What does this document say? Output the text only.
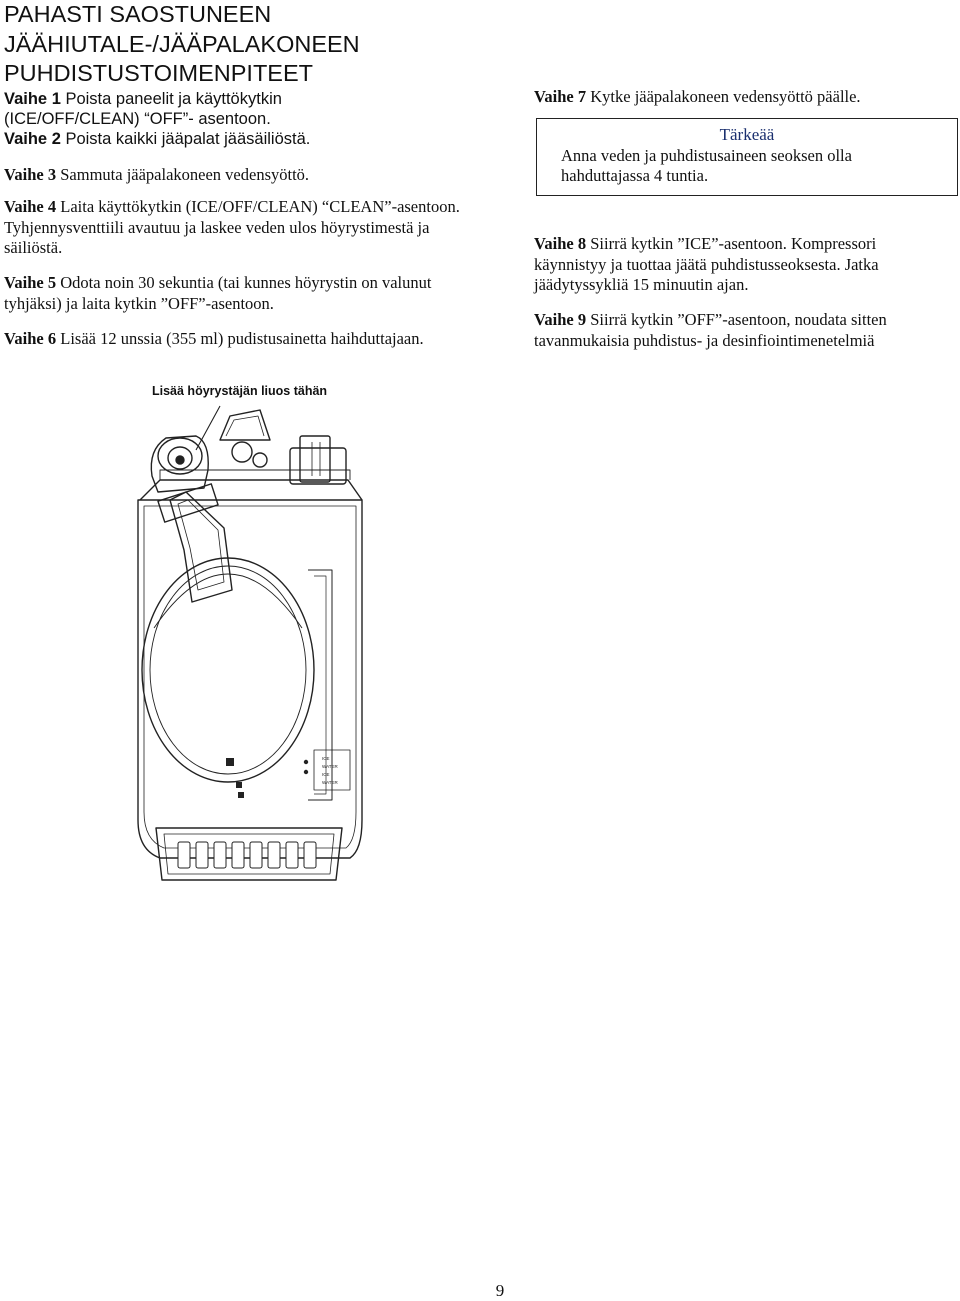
PAHASTI SAOSTUNEEN
JÄÄHIUTALE-/JÄÄPALAKONEEN
PUHDISTUSTOIMENPITEET
Vaihe 1 Poista paneelit ja käyttökytkin
(ICE/OFF/CLEAN) “OFF”- asentoon.
Vaihe 2 Poista kaikki jääpalat jääsäiliöstä.

Vaihe 3 Sammuta jääpalakoneen vedensyöttö.

Vaihe 4 Laita käyttökytkin (ICE/OFF/CLEAN) “CLEAN”-asentoon. Tyhjennysventtiili avautuu ja laskee veden ulos höyrystimestä ja säiliöstä.

Vaihe 5 Odota noin 30 sekuntia (tai kunnes höyrystin on valunut tyhjäksi) ja laita kytkin ”OFF”-asentoon.

Vaihe 6 Lisää 12 unssia (355 ml) pudistusainetta haihduttajaan.

Vaihe 7 Kytke jääpalakoneen vedensyöttö päälle.

Tärkeää
Anna veden ja puhdistusaineen seoksen olla hahduttajassa 4 tuntia.

Vaihe 8 Siirrä kytkin ”ICE”-asentoon. Kompressori käynnistyy ja tuottaa jäätä puhdistusseoksesta. Jatka jäädytyssykliä 15 minuutin ajan.

Vaihe 9 Siirrä kytkin ”OFF”-asentoon, noudata sitten tavanmukaisia puhdistus- ja desinfiointimenetelmiä

Lisää höyrystäjän liuos tähän
ICE
WATER
ICE
WATER
9
